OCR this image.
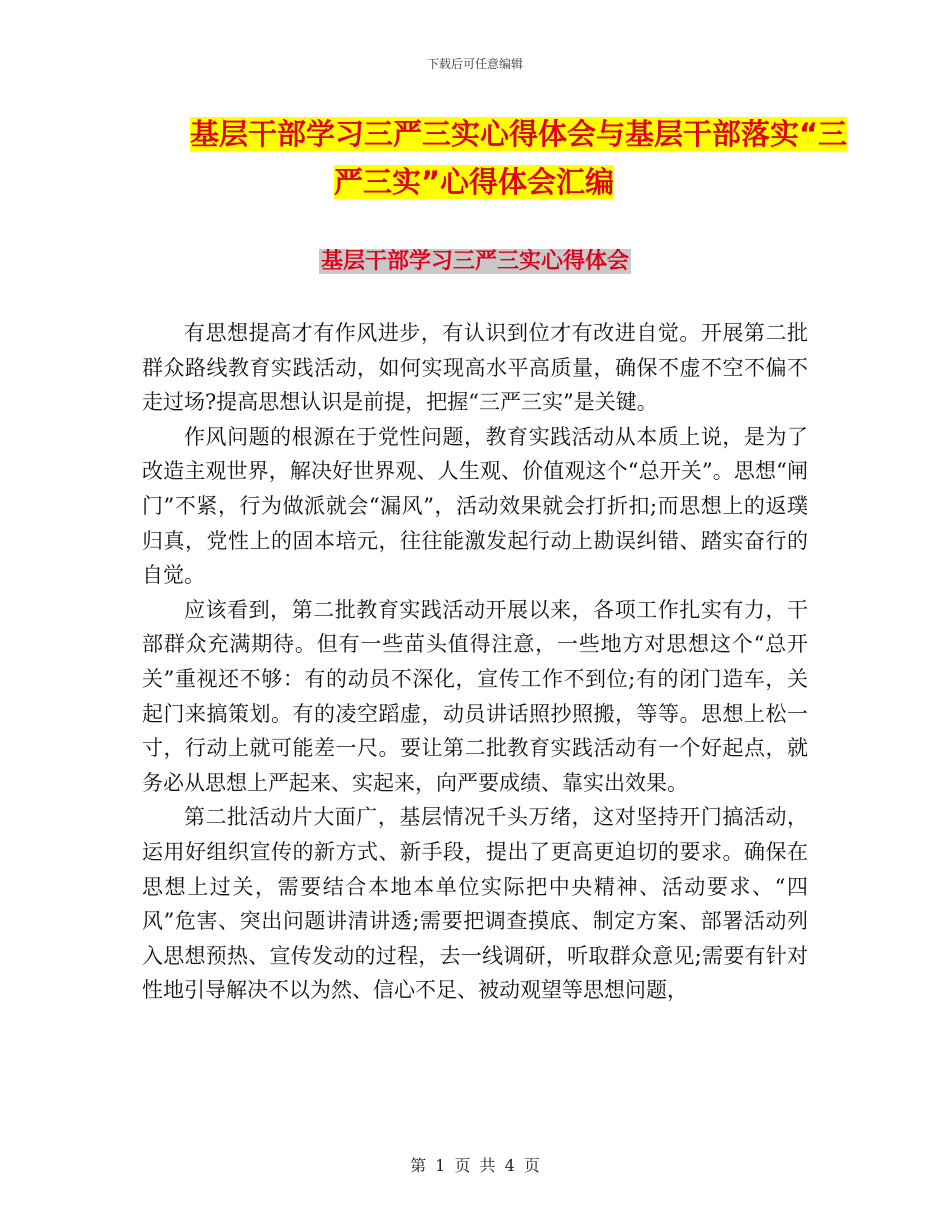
下载后可任意编辑
基层干部学习三严三实心得体会与基层干部落实“三
严三实”心得体会汇编
基层干部学习三严三实心得体会

有思想提高才有作风进步，有认识到位才有改进自觉。开展第二批群众路线教育实践活动，如何实现高水平高质量，确保不虚不空不偏不走过场?提高思想认识是前提，把握“三严三实”是关键。

作风问题的根源在于党性问题，教育实践活动从本质上说，是为了改造主观世界，解决好世界观、人生观、价值观这个“总开关”。思想“闸门”不紧，行为做派就会“漏风”，活动效果就会打折扣;而思想上的返璞归真，党性上的固本培元，往往能激发起行动上勘误纠错、踏实奋行的自觉。

应该看到，第二批教育实践活动开展以来，各项工作扎实有力，干部群众充满期待。但有一些苗头值得注意，一些地方对思想这个“总开关”重视还不够：有的动员不深化，宣传工作不到位;有的闭门造车，关起门来搞策划。有的凌空蹈虚，动员讲话照抄照搬，等等。思想上松一寸，行动上就可能差一尺。要让第二批教育实践活动有一个好起点，就务必从思想上严起来、实起来，向严要成绩、靠实出效果。

第二批活动片大面广，基层情况千头万绪，这对坚持开门搞活动，运用好组织宣传的新方式、新手段，提出了更高更迫切的要求。确保在思想上过关，需要结合本地本单位实际把中央精神、活动要求、“四风”危害、突出问题讲清讲透;需要把调查摸底、制定方案、部署活动列入思想预热、宣传发动的过程，去一线调研，听取群众意见;需要有针对性地引导解决不以为然、信心不足、被动观望等思想问题，

第 1 页 共 4 页
